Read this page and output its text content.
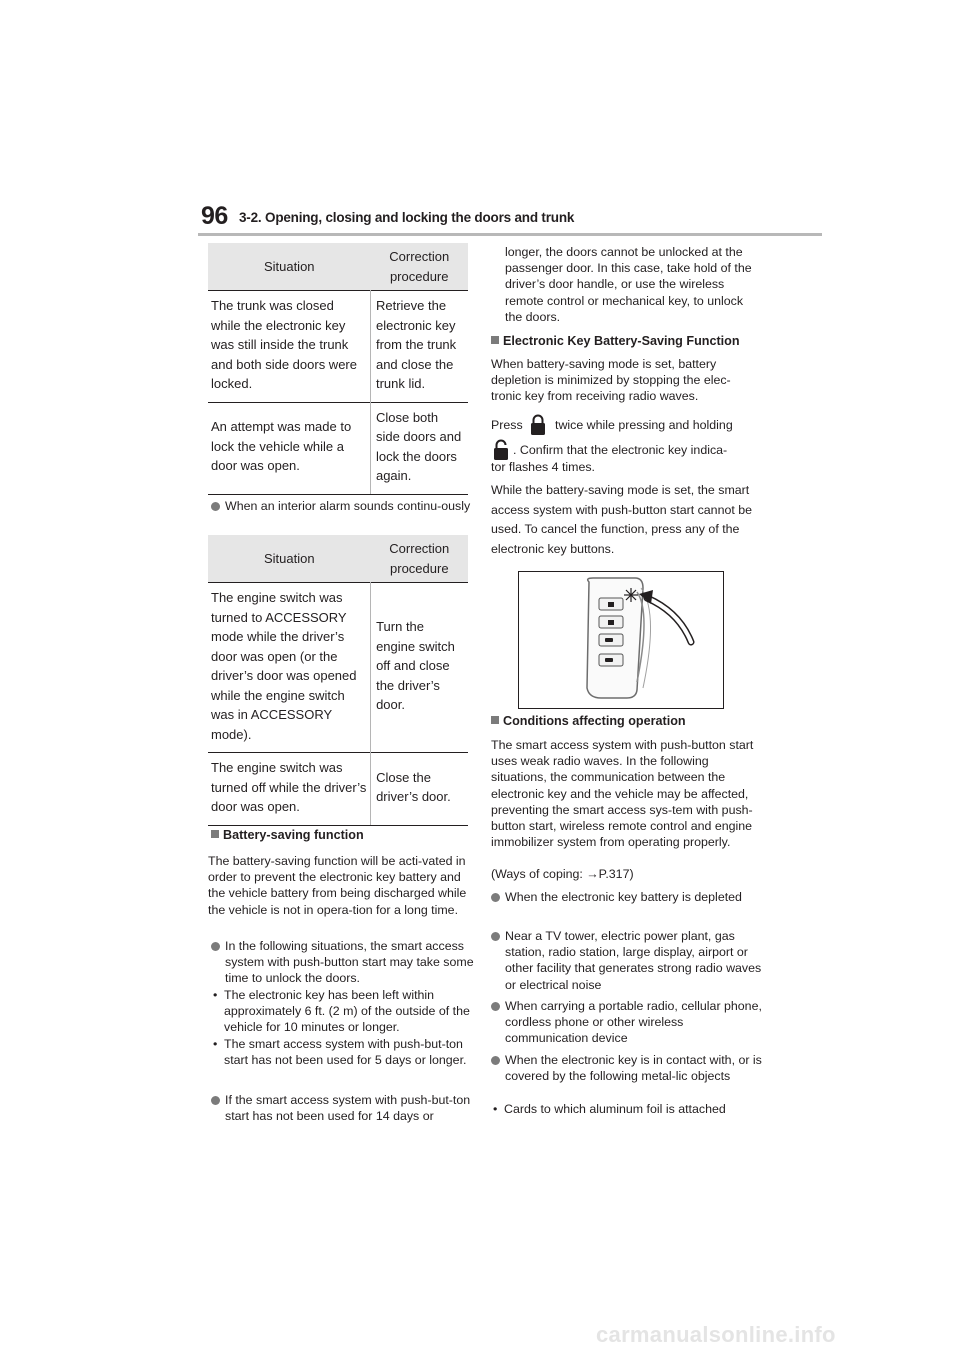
96 3-2. Opening, closing and locking the doors and trunk
Situation	Correction procedure
The trunk was closed while the electronic key was still inside the trunk and both side doors were locked.	Retrieve the electronic key from the trunk and close the trunk lid.
An attempt was made to lock the vehicle while a door was open.	Close both side doors and lock the doors again.
When an interior alarm sounds continu-ously
Situation	Correction procedure
The engine switch was turned to ACCESSORY mode while the driver’s door was open (or the driver’s door was opened while the engine switch was in ACCESSORY mode).	Turn the engine switch off and close the driver’s door.
The engine switch was turned off while the driver’s door was open.	Close the driver’s door.

Battery-saving function

The battery-saving function will be acti-vated in order to prevent the electronic key battery and the vehicle battery from being discharged while the vehicle is not in opera-tion for a long time.

In the following situations, the smart access system with push-button start may take some time to unlock the doors.
• The electronic key has been left within approximately 6 ft. (2 m) of the outside of the vehicle for 10 minutes or longer.
• The smart access system with push-but-ton start has not been used for 5 days or longer.
If the smart access system with push-but-ton start has not been used for 14 days or

longer, the doors cannot be unlocked at the passenger door. In this case, take hold of the driver’s door handle, or use the wireless remote control or mechanical key, to unlock the doors.

Electronic Key Battery-Saving Function

When battery-saving mode is set, battery depletion is minimized by stopping the elec-tronic key from receiving radio waves.

Press	twice while pressing and holding
. Confirm that the electronic key indica-
tor flashes 4 times.

While the battery-saving mode is set, the smart access system with push-button start cannot be used. To cancel the function, press any of the electronic key buttons.

Conditions affecting operation

The smart access system with push-button start uses weak radio waves. In the following situations, the communication between the electronic key and the vehicle may be affected, preventing the smart access sys-tem with push-button start, wireless remote control and engine immobilizer system from operating properly.

(Ways of coping: →P.317)

When the electronic key battery is depleted
Near a TV tower, electric power plant, gas station, radio station, large display, airport or other facility that generates strong radio waves or electrical noise
When carrying a portable radio, cellular phone, cordless phone or other wireless communication device
When the electronic key is in contact with, or is covered by the following metal-lic objects
• Cards to which aluminum foil is attached
carmanualsonline.info
